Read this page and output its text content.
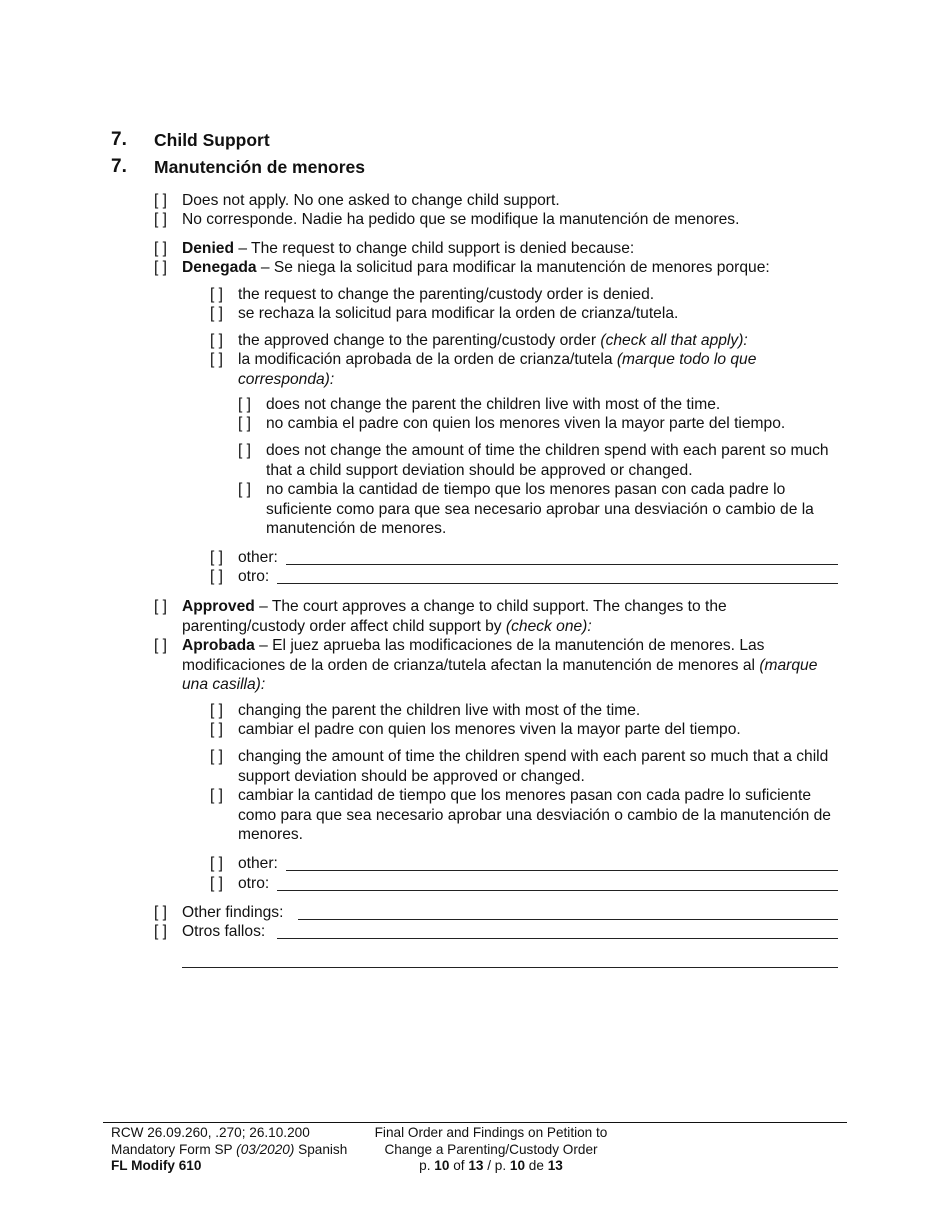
7. Child Support
7. Manutención de menores
[ ] Does not apply. No one asked to change child support.
[ ] No corresponde. Nadie ha pedido que se modifique la manutención de menores.
[ ] Denied – The request to change child support is denied because:
[ ] Denegada – Se niega la solicitud para modificar la manutención de menores porque:
[ ] the request to change the parenting/custody order is denied.
[ ] se rechaza la solicitud para modificar la orden de crianza/tutela.
[ ] the approved change to the parenting/custody order (check all that apply):
[ ] la modificación aprobada de la orden de crianza/tutela (marque todo lo que corresponda):
[ ] does not change the parent the children live with most of the time.
[ ] no cambia el padre con quien los menores viven la mayor parte del tiempo.
[ ] does not change the amount of time the children spend with each parent so much that a child support deviation should be approved or changed.
[ ] no cambia la cantidad de tiempo que los menores pasan con cada padre lo suficiente como para que sea necesario aprobar una desviación o cambio de la manutención de menores.
[ ] other:
[ ] otro:
[ ] Approved – The court approves a change to child support. The changes to the parenting/custody order affect child support by (check one):
[ ] Aprobada – El juez aprueba las modificaciones de la manutención de menores. Las modificaciones de la orden de crianza/tutela afectan la manutención de menores al (marque una casilla):
[ ] changing the parent the children live with most of the time.
[ ] cambiar el padre con quien los menores viven la mayor parte del tiempo.
[ ] changing the amount of time the children spend with each parent so much that a child support deviation should be approved or changed.
[ ] cambiar la cantidad de tiempo que los menores pasan con cada padre lo suficiente como para que sea necesario aprobar una desviación o cambio de la manutención de menores.
[ ] other:
[ ] otro:
[ ] Other findings:
[ ] Otros fallos:
RCW 26.09.260, .270; 26.10.200
Mandatory Form SP (03/2020) Spanish
FL Modify 610
Final Order and Findings on Petition to
Change a Parenting/Custody Order
p. 10 of 13 / p. 10 de 13
